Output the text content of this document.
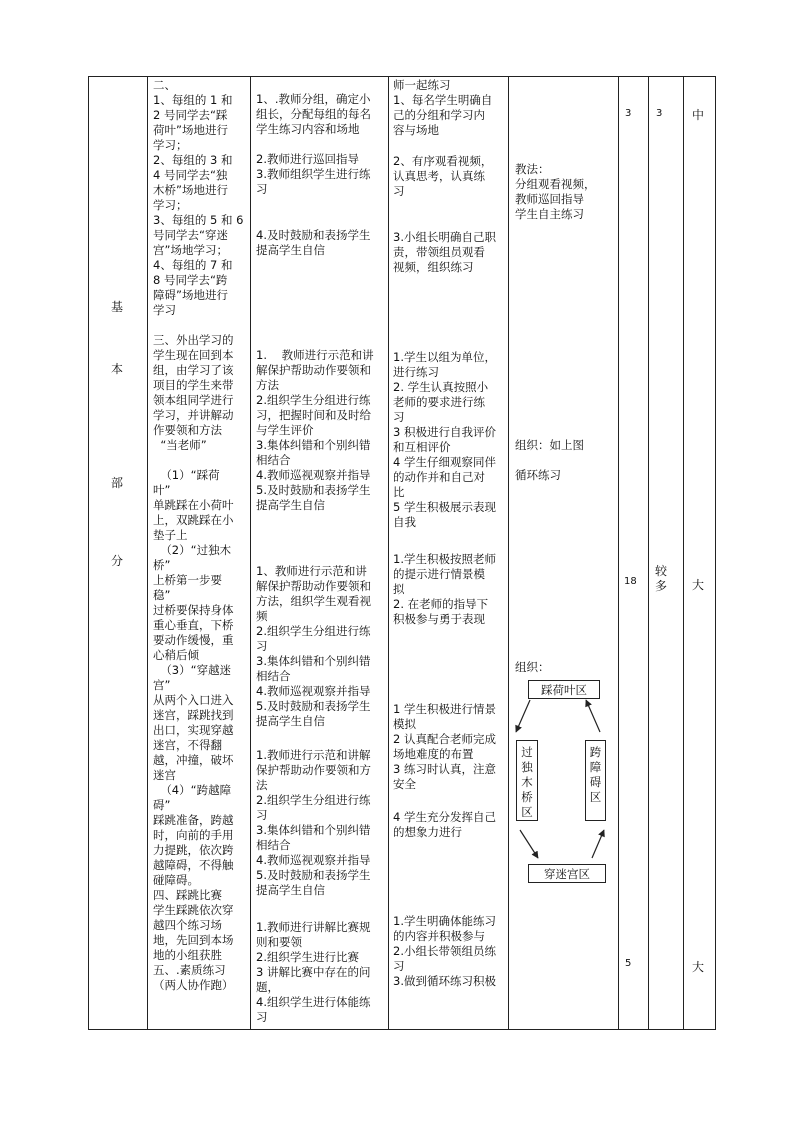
基
本
部
分

二、

1、每组的 1 和

2 号同学去“踩

荷叶”场地进行

学习；

2、每组的 3 和

4 号同学去“独

木桥”场地进行

学习；

3、每组的 5 和 6

号同学去“穿迷

宫”场地学习；

4、每组的 7 和

8 号同学去“跨

障碍”场地进行

学习

三、外出学习的

学生现在回到本

组，由学习了该

项目的学生来带

领本组同学进行

学习，并讲解动

作要领和方法

“当老师”

（1）“踩荷

叶”

单跳踩在小荷叶

上，双跳踩在小

垫子上

（2）“过独木

桥”

上桥第一步要

稳”

过桥要保持身体

重心垂直，下桥

要动作缓慢，重

心稍后倾

（3）“穿越迷

宫”

从两个入口进入

迷宫，踩跳找到

出口，实现穿越

迷宫，不得翻

越，冲撞，破坏

迷宫

（4）“跨越障

碍”

踩跳准备，跨越

时，向前的手用

力提跳，依次跨

越障碍，不得触

碰障碍。

四、踩跳比赛

学生踩跳依次穿

越四个练习场

地，先回到本场

地的小组获胜

五、.素质练习

（两人协作跑）

1、.教师分组，确定小

组长，分配每组的每名

学生练习内容和场地

2.教师进行巡回指导

3.教师组织学生进行练

习

4.及时鼓励和表扬学生

提高学生自信

1.    教师进行示范和讲

解保护帮助动作要领和

方法

2.组织学生分组进行练

习，把握时间和及时给

与学生评价

3.集体纠错和个别纠错

相结合

4.教师巡视观察并指导

5.及时鼓励和表扬学生

提高学生自信

1、教师进行示范和讲

解保护帮助动作要领和

方法，组织学生观看视

频

2.组织学生分组进行练

习

3.集体纠错和个别纠错

相结合

4.教师巡视观察并指导

5.及时鼓励和表扬学生

提高学生自信

1.教师进行示范和讲解

保护帮助动作要领和方

法

2.组织学生分组进行练

习

3.集体纠错和个别纠错

相结合

4.教师巡视观察并指导

5.及时鼓励和表扬学生

提高学生自信

1.教师进行讲解比赛规

则和要领

2.组织学生进行比赛

3 讲解比赛中存在的问

题，

4.组织学生进行体能练

习

师一起练习

1、每名学生明确自

己的分组和学习内

容与场地

2、有序观看视频，

认真思考，认真练

习

3.小组长明确自己职

责，带领组员观看

视频，组织练习

1.学生以组为单位，

进行练习

2. 学生认真按照小

老师的要求进行练

习

3 积极进行自我评价

和互相评价

4 学生仔细观察同伴

的动作并和自己对

比

5 学生积极展示表现

自我

1.学生积极按照老师

的提示进行情景模

拟

2. 在老师的指导下

积极参与勇于表现

1 学生积极进行情景

模拟

2 认真配合老师完成

场地难度的布置

3 练习时认真，注意

安全

4 学生充分发挥自己

的想象力进行

1.学生明确体能练习

的内容并积极参与

2.小组长带领组员练

习

3.做到循环练习积极

教法：

分组观看视频，

教师巡回指导

学生自主练习

组织：如上图

循环练习

组织：

踩荷叶区
过
独
木
桥
区
跨
障
碍
区
穿迷宫区
3 3 中
18
较
多 大
5	大
